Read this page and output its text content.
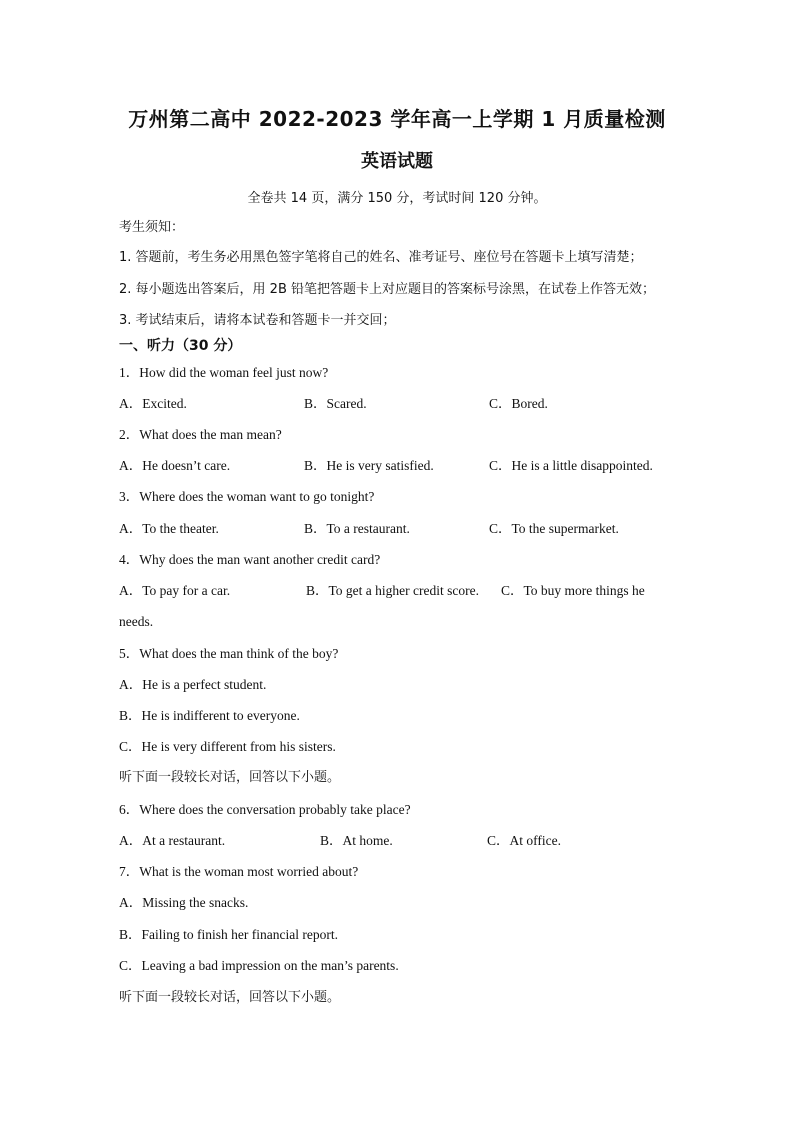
万州第二高中 2022-2023 学年高一上学期 1 月质量检测
英语试题
全卷共 14 页，满分 150 分，考试时间 120 分钟。
考生须知：
1. 答题前，考生务必用黑色签字笔将自己的姓名、准考证号、座位号在答题卡上填写清楚；
2. 每小题选出答案后，用 2B 铅笔把答题卡上对应题目的答案标号涂黑，在试卷上作答无效；
3. 考试结束后，请将本试卷和答题卡一并交回；
一、听力（30 分）
1．How did the woman feel just now?
A．Excited.	B．Scared.	C．Bored.
2．What does the man mean?
A．He doesn’t care.	B．He is very satisfied.	C．He is a little disappointed.
3．Where does the woman want to go tonight?
A．To the theater.	B．To a restaurant.	C．To the supermarket.
4．Why does the man want another credit card?
A．To pay for a car.	B．To get a higher credit score. C．To buy more things he
needs.
5．What does the man think of the boy?
A．He is a perfect student.
B．He is indifferent to everyone.
C．He is very different from his sisters.
听下面一段较长对话，回答以下小题。
6．Where does the conversation probably take place?
A．At a restaurant.	B．At home.	C．At office.
7．What is the woman most worried about?
A．Missing the snacks.
B．Failing to finish her financial report.
C．Leaving a bad impression on the man’s parents.
听下面一段较长对话，回答以下小题。
